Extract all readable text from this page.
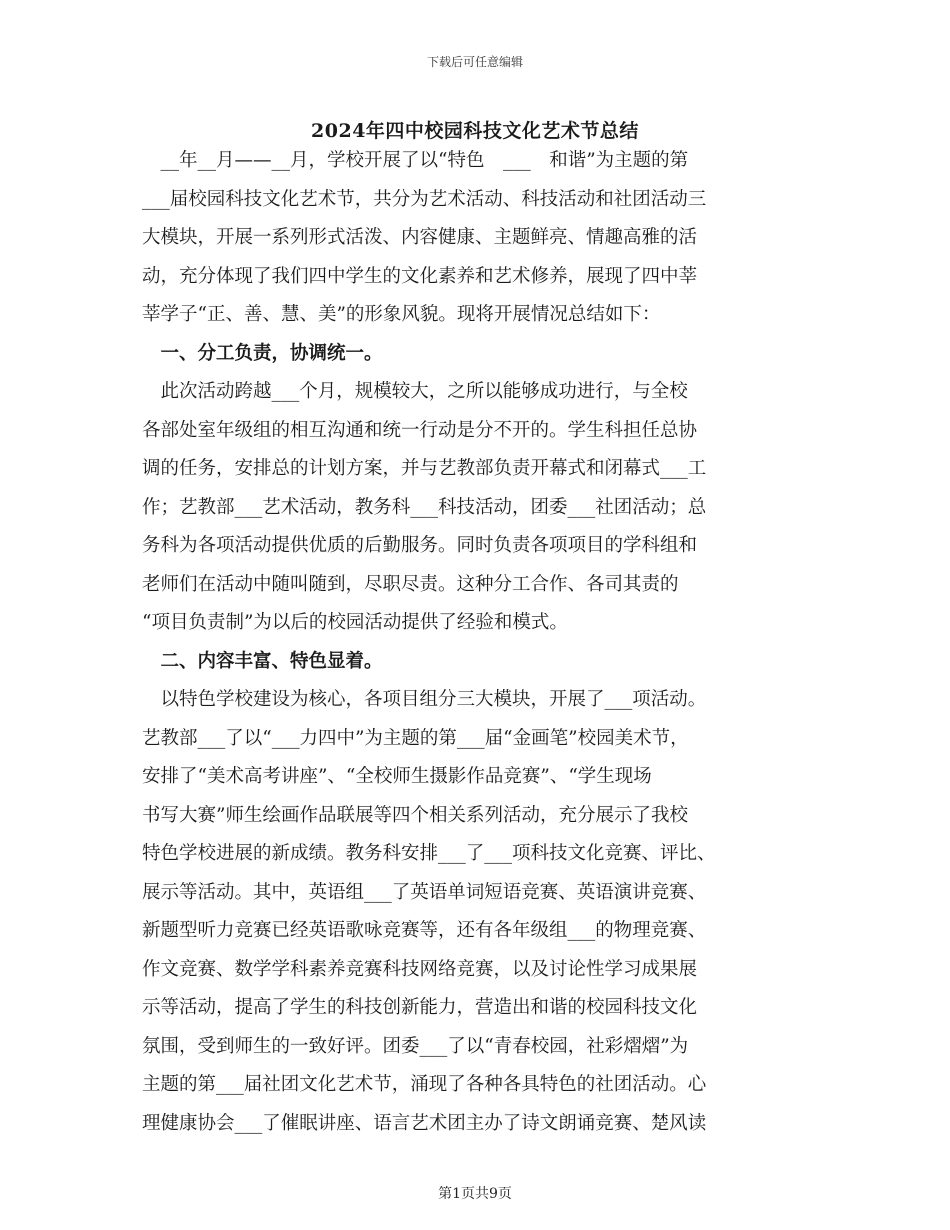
下载后可任意编辑
2024年四中校园科技文化艺术节总结
　__年__月——__月，学校开展了以“特色　___　和谐”为主题的第
___届校园科技文化艺术节，共分为艺术活动、科技活动和社团活动三
大模块，开展一系列形式活泼、内容健康、主题鲜亮、情趣高雅的活
动，充分体现了我们四中学生的文化素养和艺术修养，展现了四中莘
莘学子“正、善、慧、美”的形象风貌。现将开展情况总结如下：
　一、分工负责，协调统一。
　此次活动跨越___个月，规模较大，之所以能够成功进行，与全校
各部处室年级组的相互沟通和统一行动是分不开的。学生科担任总协
调的任务，安排总的计划方案，并与艺教部负责开幕式和闭幕式___工
作；艺教部___艺术活动，教务科___科技活动，团委___社团活动；总
务科为各项活动提供优质的后勤服务。同时负责各项项目的学科组和
老师们在活动中随叫随到，尽职尽责。这种分工合作、各司其责的
“项目负责制”为以后的校园活动提供了经验和模式。
　二、内容丰富、特色显着。
　以特色学校建设为核心，各项目组分三大模块，开展了___项活动。
艺教部___了以“___力四中”为主题的第___届“金画笔”校园美术节，
安排了“美术高考讲座”、“全校师生摄影作品竞赛”、“学生现场
书写大赛”师生绘画作品联展等四个相关系列活动，充分展示了我校
特色学校进展的新成绩。教务科安排___了___项科技文化竞赛、评比、
展示等活动。其中，英语组___了英语单词短语竞赛、英语演讲竞赛、
新题型听力竞赛已经英语歌咏竞赛等，还有各年级组___的物理竞赛、
作文竞赛、数学学科素养竞赛科技网络竞赛，以及讨论性学习成果展
示等活动，提高了学生的科技创新能力，营造出和谐的校园科技文化
氛围，受到师生的一致好评。团委___了以“青春校园，社彩熠熠”为
主题的第___届社团文化艺术节，涌现了各种各具特色的社团活动。心
理健康协会___了催眠讲座、语言艺术团主办了诗文朗诵竞赛、楚风读
第1页共9页
